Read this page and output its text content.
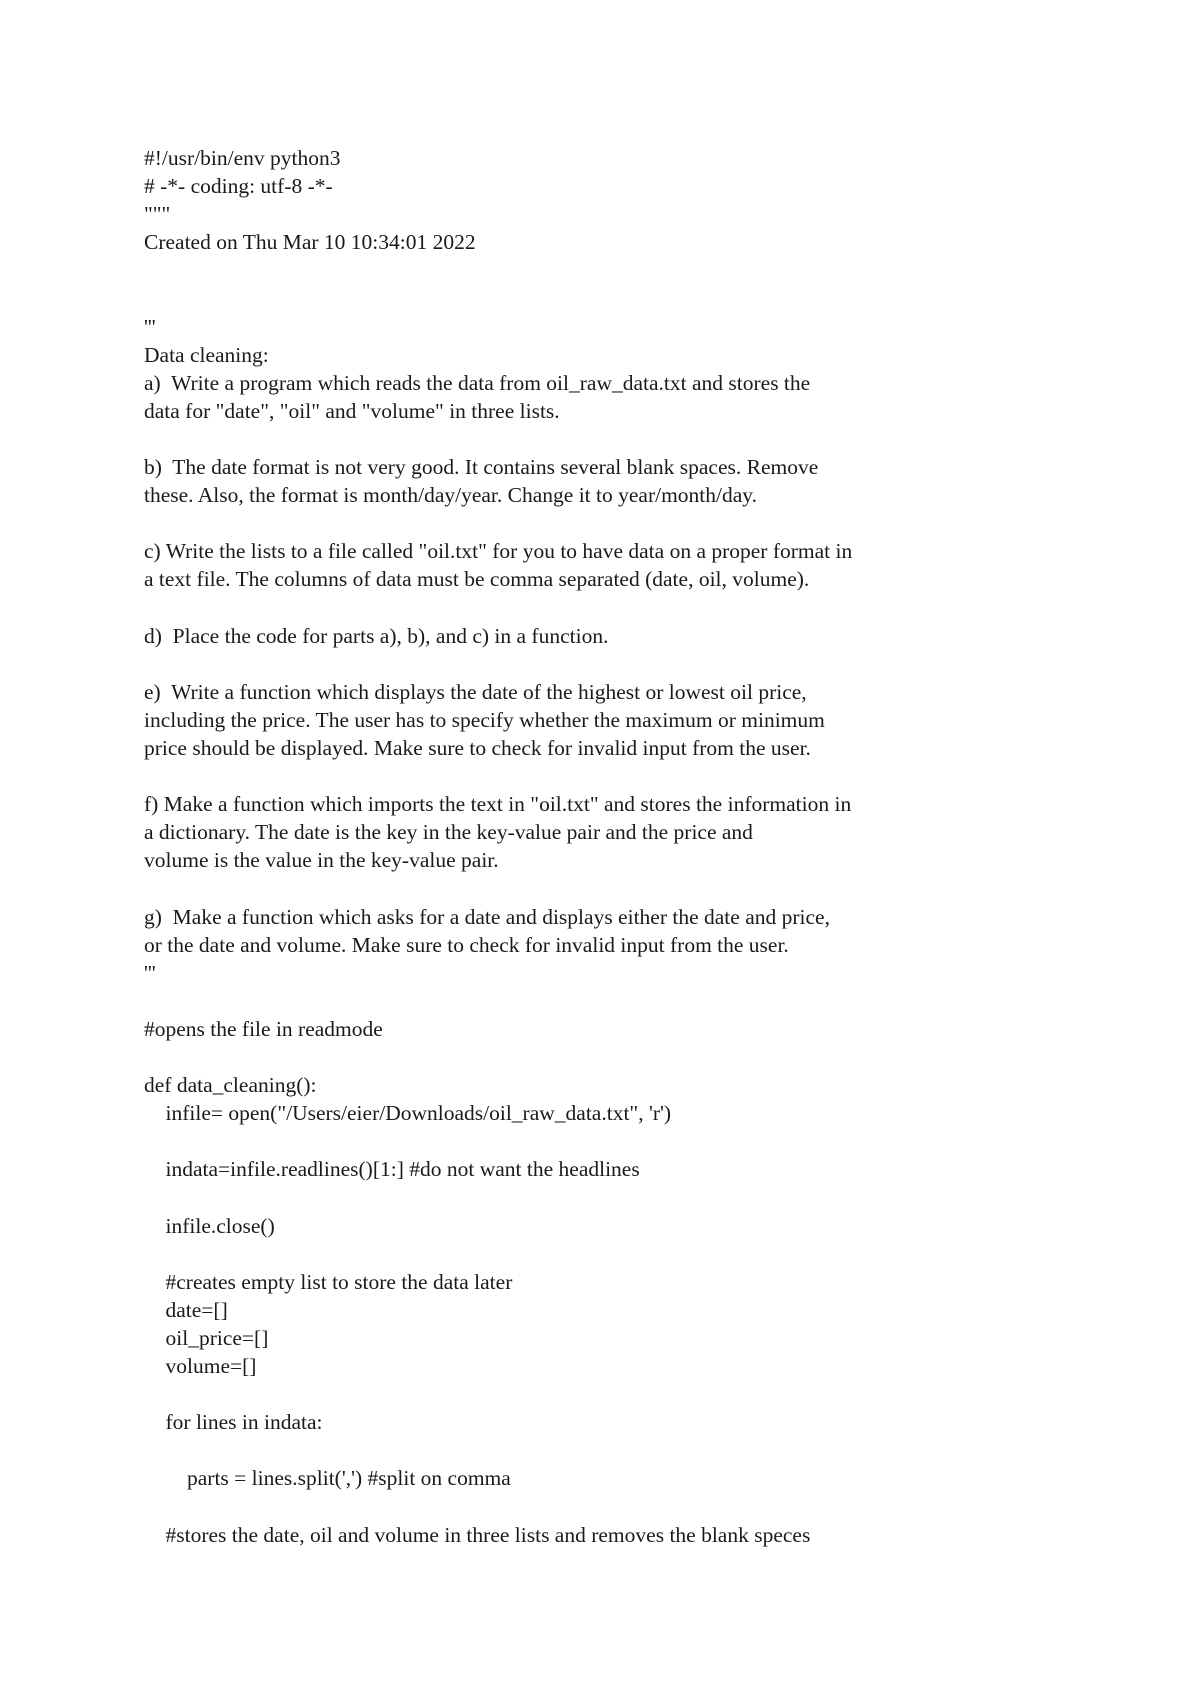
#!/usr/bin/env python3
# -*- coding: utf-8 -*-
"""
Created on Thu Mar 10 10:34:01 2022
'''
Data cleaning:
a)  Write a program which reads the data from oil_raw_data.txt and stores the
data for "date", "oil" and "volume" in three lists.
b)  The date format is not very good. It contains several blank spaces. Remove
these. Also, the format is month/day/year. Change it to year/month/day.
c) Write the lists to a file called "oil.txt" for you to have data on a proper format in
a text file. The columns of data must be comma separated (date, oil, volume).
d)  Place the code for parts a), b), and c) in a function.
e)  Write a function which displays the date of the highest or lowest oil price,
including the price. The user has to specify whether the maximum or minimum
price should be displayed. Make sure to check for invalid input from the user.
f) Make a function which imports the text in "oil.txt" and stores the information in
a dictionary. The date is the key in the key-value pair and the price and
volume is the value in the key-value pair.
g)  Make a function which asks for a date and displays either the date and price,
or the date and volume. Make sure to check for invalid input from the user.
'''
#opens the file in readmode
def data_cleaning():
infile= open("/Users/eier/Downloads/oil_raw_data.txt", 'r')
indata=infile.readlines()[1:] #do not want the headlines
infile.close()
#creates empty list to store the data later
date=[]
oil_price=[]
volume=[]
for lines in indata:
parts = lines.split(',') #split on comma
#stores the date, oil and volume in three lists and removes the blank speces
